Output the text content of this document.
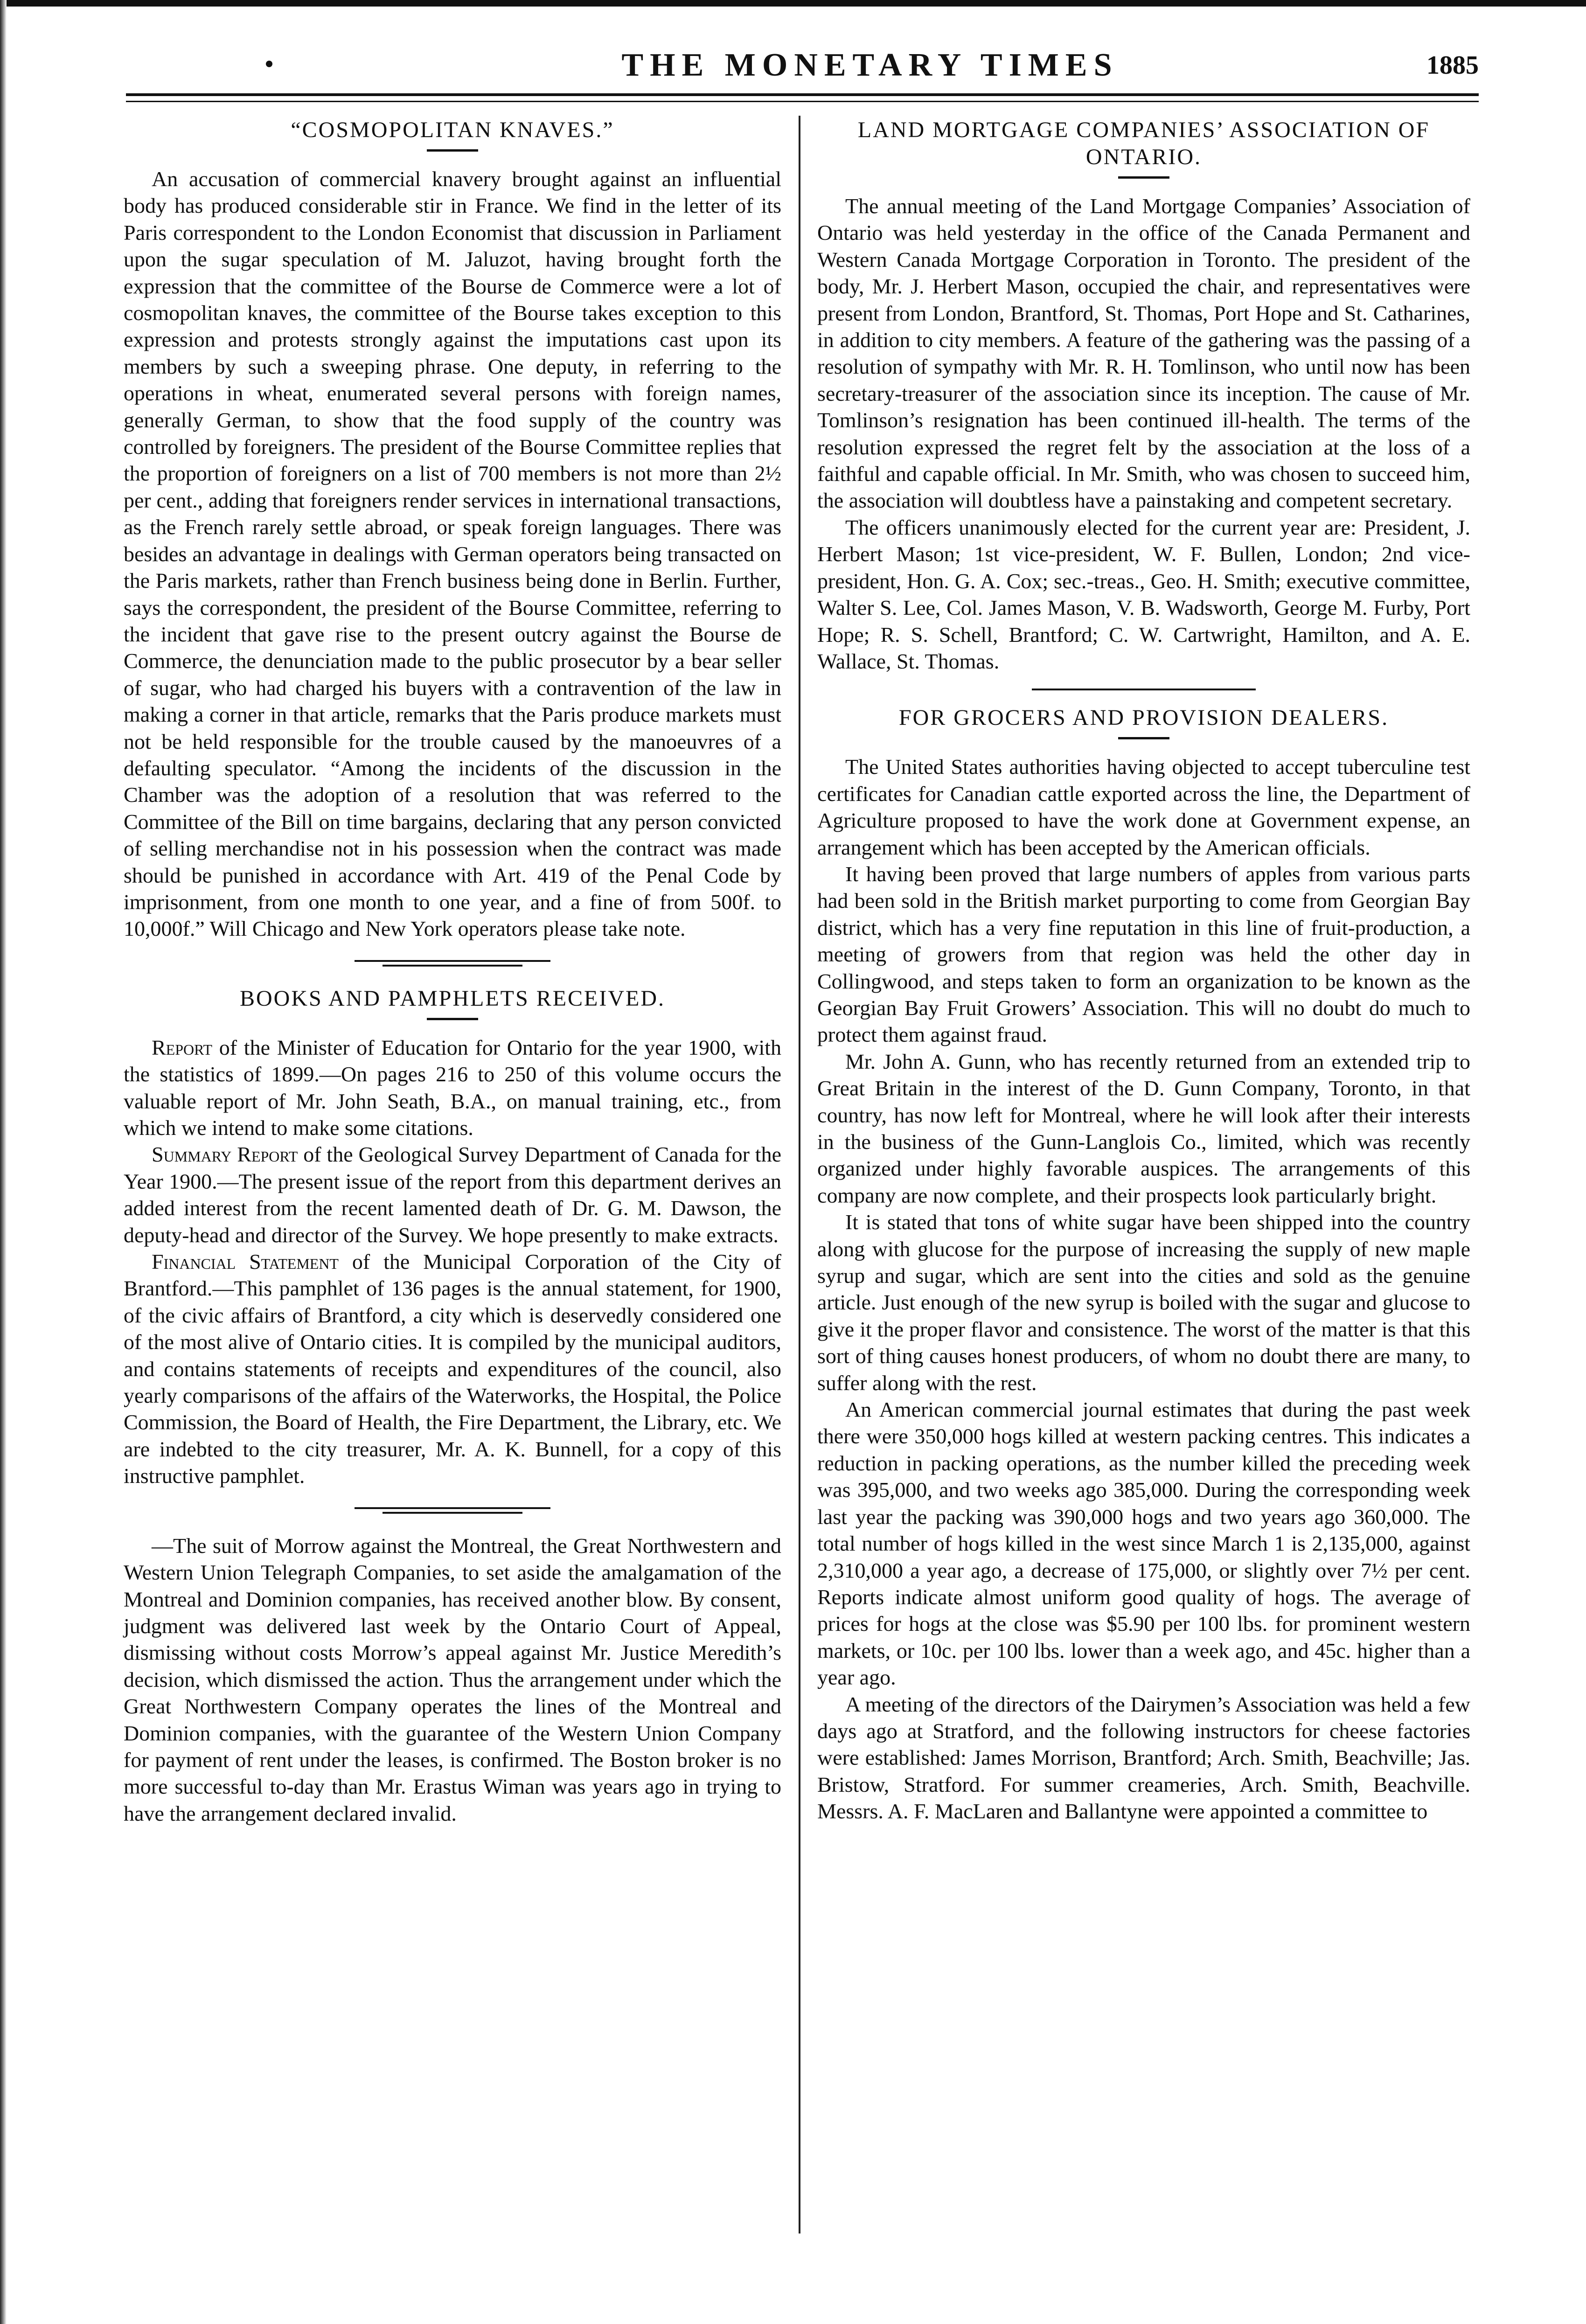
THE MONETARY TIMES	1885
“COSMOPOLITAN KNAVES.”

An accusation of commercial knavery brought against an influential body has produced considerable stir in France. We find in the letter of its Paris correspondent to the London Economist that discussion in Parliament upon the sugar speculation of M. Jaluzot, having brought forth the expression that the committee of the Bourse de Commerce were a lot of cosmopolitan knaves, the committee of the Bourse takes exception to this expression and protests strongly against the imputations cast upon its members by such a sweeping phrase. One deputy, in referring to the operations in wheat, enumerated several persons with foreign names, generally German, to show that the food supply of the country was controlled by foreigners. The president of the Bourse Committee replies that the proportion of foreigners on a list of 700 members is not more than 2½ per cent., adding that foreigners render services in international transactions, as the French rarely settle abroad, or speak foreign languages. There was besides an advantage in dealings with German operators being transacted on the Paris markets, rather than French business being done in Berlin. Further, says the correspondent, the president of the Bourse Committee, referring to the incident that gave rise to the present outcry against the Bourse de Commerce, the denunciation made to the public prosecutor by a bear seller of sugar, who had charged his buyers with a contravention of the law in making a corner in that article, remarks that the Paris produce markets must not be held responsible for the trouble caused by the manoeuvres of a defaulting speculator. “Among the incidents of the discussion in the Chamber was the adoption of a resolution that was referred to the Committee of the Bill on time bargains, declaring that any person convicted of selling merchandise not in his possession when the contract was made should be punished in accordance with Art. 419 of the Penal Code by imprisonment, from one month to one year, and a fine of from 500f. to 10,000f.” Will Chicago and New York operators please take note.

BOOKS AND PAMPHLETS RECEIVED.

Report of the Minister of Education for Ontario for the year 1900, with the statistics of 1899.—On pages 216 to 250 of this volume occurs the valuable report of Mr. John Seath, B.A., on manual training, etc., from which we intend to make some citations.

Summary Report of the Geological Survey Department of Canada for the Year 1900.—The present issue of the report from this department derives an added interest from the recent lamented death of Dr. G. M. Dawson, the deputy-head and director of the Survey. We hope presently to make extracts.

Financial Statement of the Municipal Corporation of the City of Brantford.—This pamphlet of 136 pages is the annual statement, for 1900, of the civic affairs of Brantford, a city which is deservedly considered one of the most alive of Ontario cities. It is compiled by the municipal auditors, and contains statements of receipts and expenditures of the council, also yearly comparisons of the affairs of the Waterworks, the Hospital, the Police Commission, the Board of Health, the Fire Department, the Library, etc. We are indebted to the city treasurer, Mr. A. K. Bunnell, for a copy of this instructive pamphlet.

—The suit of Morrow against the Montreal, the Great Northwestern and Western Union Telegraph Companies, to set aside the amalgamation of the Montreal and Dominion companies, has received another blow. By consent, judgment was delivered last week by the Ontario Court of Appeal, dismissing without costs Morrow’s appeal against Mr. Justice Meredith’s decision, which dismissed the action. Thus the arrangement under which the Great Northwestern Company operates the lines of the Montreal and Dominion companies, with the guarantee of the Western Union Company for payment of rent under the leases, is confirmed. The Boston broker is no more successful to-day than Mr. Erastus Wiman was years ago in trying to have the arrangement declared invalid.

LAND MORTGAGE COMPANIES’ ASSOCIATION OF ONTARIO.

The annual meeting of the Land Mortgage Companies’ Association of Ontario was held yesterday in the office of the Canada Permanent and Western Canada Mortgage Corporation in Toronto. The president of the body, Mr. J. Herbert Mason, occupied the chair, and representatives were present from London, Brantford, St. Thomas, Port Hope and St. Catharines, in addition to city members. A feature of the gathering was the passing of a resolution of sympathy with Mr. R. H. Tomlinson, who until now has been secretary-treasurer of the association since its inception. The cause of Mr. Tomlinson’s resignation has been continued ill-health. The terms of the resolution expressed the regret felt by the association at the loss of a faithful and capable official. In Mr. Smith, who was chosen to succeed him, the association will doubtless have a painstaking and competent secretary.

The officers unanimously elected for the current year are: President, J. Herbert Mason; 1st vice-president, W. F. Bullen, London; 2nd vice-president, Hon. G. A. Cox; sec.-treas., Geo. H. Smith; executive committee, Walter S. Lee, Col. James Mason, V. B. Wadsworth, George M. Furby, Port Hope; R. S. Schell, Brantford; C. W. Cartwright, Hamilton, and A. E. Wallace, St. Thomas.

FOR GROCERS AND PROVISION DEALERS.

The United States authorities having objected to accept tuberculine test certificates for Canadian cattle exported across the line, the Department of Agriculture proposed to have the work done at Government expense, an arrangement which has been accepted by the American officials.

It having been proved that large numbers of apples from various parts had been sold in the British market purporting to come from Georgian Bay district, which has a very fine reputation in this line of fruit-production, a meeting of growers from that region was held the other day in Collingwood, and steps taken to form an organization to be known as the Georgian Bay Fruit Growers’ Association. This will no doubt do much to protect them against fraud.

Mr. John A. Gunn, who has recently returned from an extended trip to Great Britain in the interest of the D. Gunn Company, Toronto, in that country, has now left for Montreal, where he will look after their interests in the business of the Gunn-Langlois Co., limited, which was recently organized under highly favorable auspices. The arrangements of this company are now complete, and their prospects look particularly bright.

It is stated that tons of white sugar have been shipped into the country along with glucose for the purpose of increasing the supply of new maple syrup and sugar, which are sent into the cities and sold as the genuine article. Just enough of the new syrup is boiled with the sugar and glucose to give it the proper flavor and consistence. The worst of the matter is that this sort of thing causes honest producers, of whom no doubt there are many, to suffer along with the rest.

An American commercial journal estimates that during the past week there were 350,000 hogs killed at western packing centres. This indicates a reduction in packing operations, as the number killed the preceding week was 395,000, and two weeks ago 385,000. During the corresponding week last year the packing was 390,000 hogs and two years ago 360,000. The total number of hogs killed in the west since March 1 is 2,135,000, against 2,310,000 a year ago, a decrease of 175,000, or slightly over 7½ per cent. Reports indicate almost uniform good quality of hogs. The average of prices for hogs at the close was $5.90 per 100 lbs. for prominent western markets, or 10c. per 100 lbs. lower than a week ago, and 45c. higher than a year ago.

A meeting of the directors of the Dairymen’s Association was held a few days ago at Stratford, and the following instructors for cheese factories were established: James Morrison, Brantford; Arch. Smith, Beachville; Jas. Bristow, Stratford. For summer creameries, Arch. Smith, Beachville. Messrs. A. F. MacLaren and Ballantyne were appointed a committee to
